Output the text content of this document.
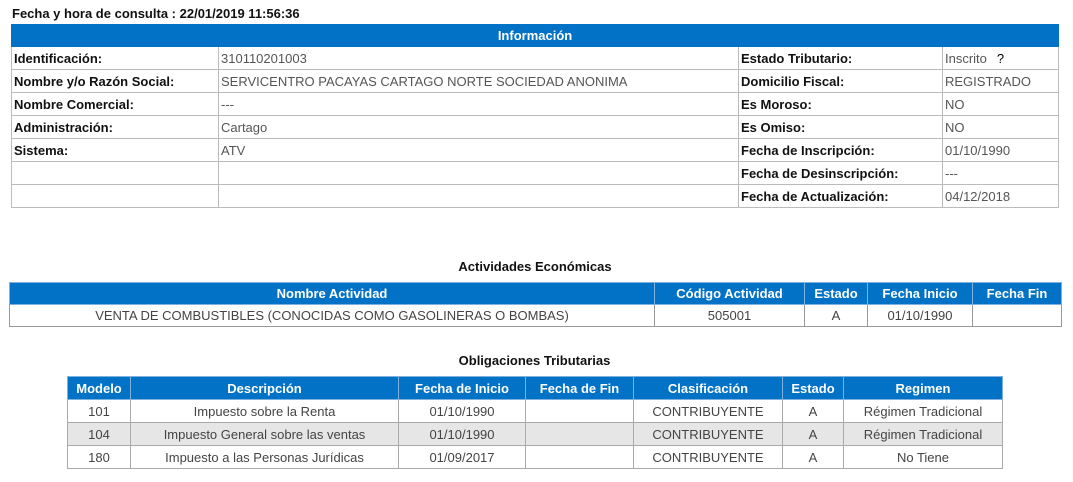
Fecha y hora de consulta : 22/01/2019 11:56:36
Información			
Identificación:	310110201003	Estado Tributario:	Inscrito ?
Nombre y/o Razón Social:	SERVICENTRO PACAYAS CARTAGO NORTE SOCIEDAD ANONIMA	Domicilio Fiscal:	REGISTRADO
Nombre Comercial:	---	Es Moroso:	NO
Administración:	Cartago	Es Omiso:	NO
Sistema:	ATV	Fecha de Inscripción:	01/10/1990
		Fecha de Desinscripción:	---
		Fecha de Actualización:	04/12/2018
Actividades Económicas
Nombre Actividad	Código Actividad	Estado	Fecha Inicio	Fecha Fin
VENTA DE COMBUSTIBLES (CONOCIDAS COMO GASOLINERAS O BOMBAS)	505001	A	01/10/1990	
Obligaciones Tributarias
Modelo	Descripción	Fecha de Inicio	Fecha de Fin	Clasificación	Estado	Regimen
101	Impuesto sobre la Renta	01/10/1990		CONTRIBUYENTE	A	Régimen Tradicional
104	Impuesto General sobre las ventas	01/10/1990		CONTRIBUYENTE	A	Régimen Tradicional
180	Impuesto a las Personas Jurídicas	01/09/2017		CONTRIBUYENTE	A	No Tiene
